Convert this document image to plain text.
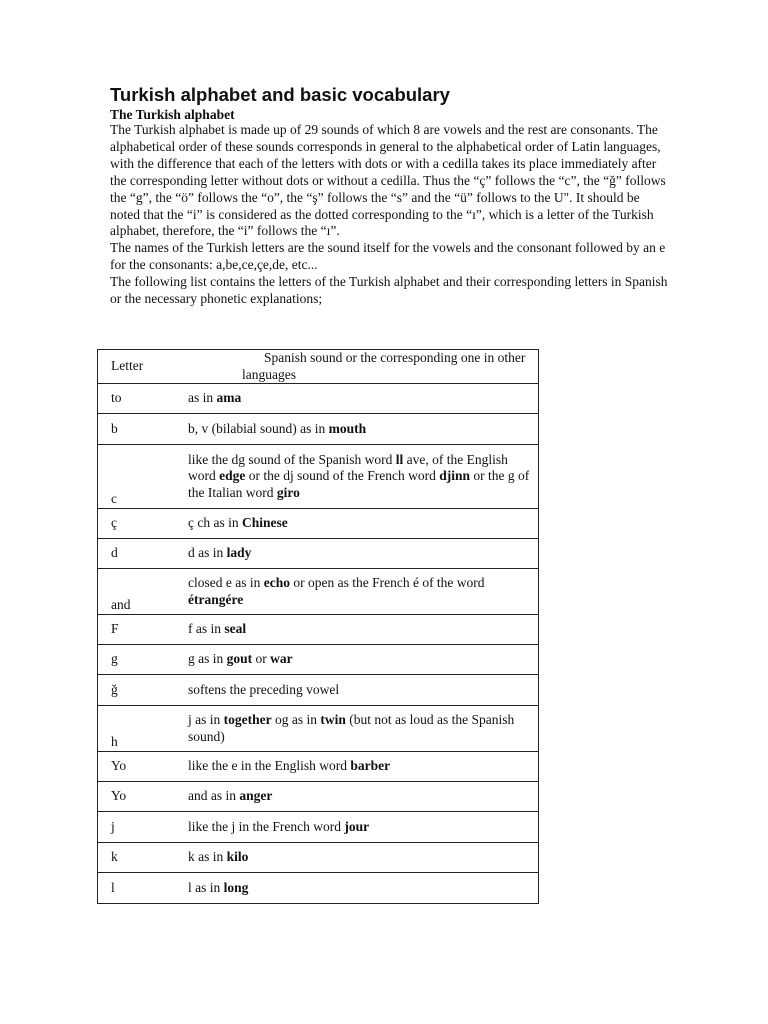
Turkish alphabet and basic vocabulary
The Turkish alphabet

The Turkish alphabet is made up of 29 sounds of which 8 are vowels and the rest are consonants. The alphabetical order of these sounds corresponds in general to the alphabetical order of Latin languages, with the difference that each of the letters with dots or with a cedilla takes its place immediately after the corresponding letter without dots or without a cedilla. Thus the “ç” follows the “c”, the “ğ” follows the “g”, the “ö” follows the “o”, the “ş” follows the “s” and the “ü” follows to the U". It should be noted that the “i” is considered as the dotted corresponding to the “ı”, which is a letter of the Turkish alphabet, therefore, the “i” follows the “ı”.

The names of the Turkish letters are the sound itself for the vowels and the consonant followed by an e for the consonants: a,be,ce,çe,de, etc...

The following list contains the letters of the Turkish alphabet and their corresponding letters in Spanish or the necessary phonetic explanations;

Letter	Spanish sound or the corresponding one in other
languages

to	as in ama

b	b, v (bilabial sound) as in mouth

c	like the dg sound of the Spanish word ll ave, of the English word edge or the dj sound of the French word djinn or the g of the Italian word giro

ç	ç ch as in Chinese

d	d as in lady

and	closed e as in echo or open as the French é of the word étrangére

F	f as in seal

g	g as in gout or war

ğ	softens the preceding vowel

h	j as in together og as in twin (but not as loud as the Spanish sound)

Yo	like the e in the English word barber

Yo	and as in anger

j	like the j in the French word jour

k	k as in kilo

l	l as in long
